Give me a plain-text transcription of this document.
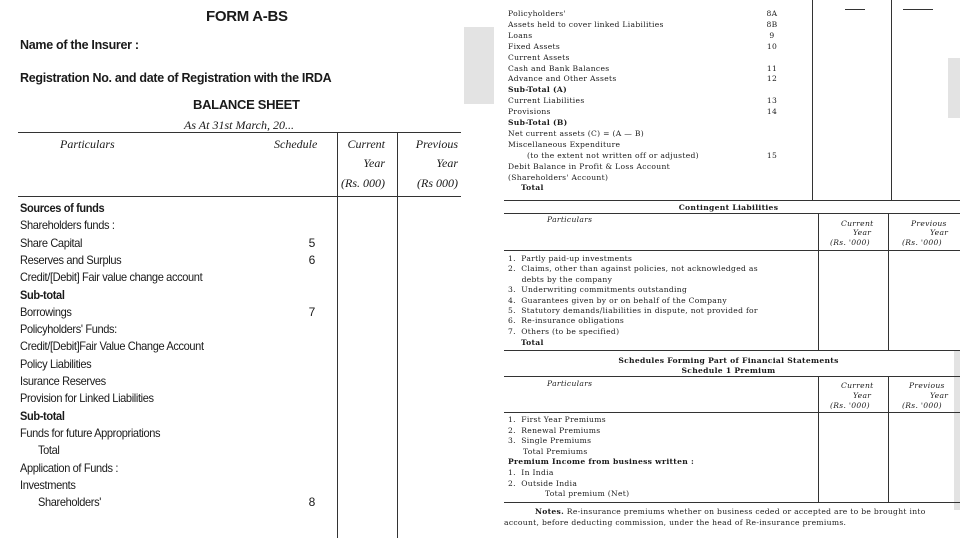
FORM A-BS
Name of the Insurer :
Registration No. and date of Registration with the IRDA
BALANCE SHEET
As At 31st March, 20...
Particulars	Schedule	Current
Year
(Rs. 000)
Previous
Year
(Rs 000)
Sources of funds
Shareholders funds :
Share Capital	5
Reserves and Surplus	6
Credit/[Debit] Fair value change account
Sub-total
Borrowings	7
Policyholders' Funds:
Credit/[Debit]Fair Value Change Account
Policy Liabilities
Isurance Reserves
Provision for Linked Liabilities
Sub-total
Funds for future Appropriations
Total
Application of Funds :
Investments
Shareholders'	8
Policyholders'	8A
Assets held to cover linked Liabilities	8B
Loans	9
Fixed Assets	10
Current Assets
Cash and Bank Balances	11
Advance and Other Assets	12
Sub-Total (A)
Current Liabilities	13
Provisions	14
Sub-Total (B)
Net current assets (C) = (A — B)
Miscellaneous Expenditure
(to the extent not written off or adjusted)	15
Debit Balance in Profit & Loss Account
(Shareholders' Account)
Total
Contingent Liabilities
Particulars	Current
Year
(Rs. '000)
Previous
Year
(Rs. '000)
1.  Partly paid-up investments
2.  Claims, other than against policies, not acknowledged as
debts by the company
3.  Underwriting commitments outstanding
4.  Guarantees given by or on behalf of the Company
5.  Statutory demands/liabilities in dispute, not provided for
6.  Re-insurance obligations
7.  Others (to be specified)
Total
Schedules Forming Part of Financial Statements
Schedule 1 Premium
Particulars	Current
Year
(Rs. '000)
Previous
Year
(Rs. '000)
1.  First Year Premiums
2.  Renewal Premiums
3.  Single Premiums
Total Premiums
Premium Income from business written :
1.  In India
2.  Outside India
Total premium (Net)
Notes. Re-insurance premiums whether on business ceded or accepted are to be brought into
account, before deducting commission, under the head of Re-insurance premiums.
